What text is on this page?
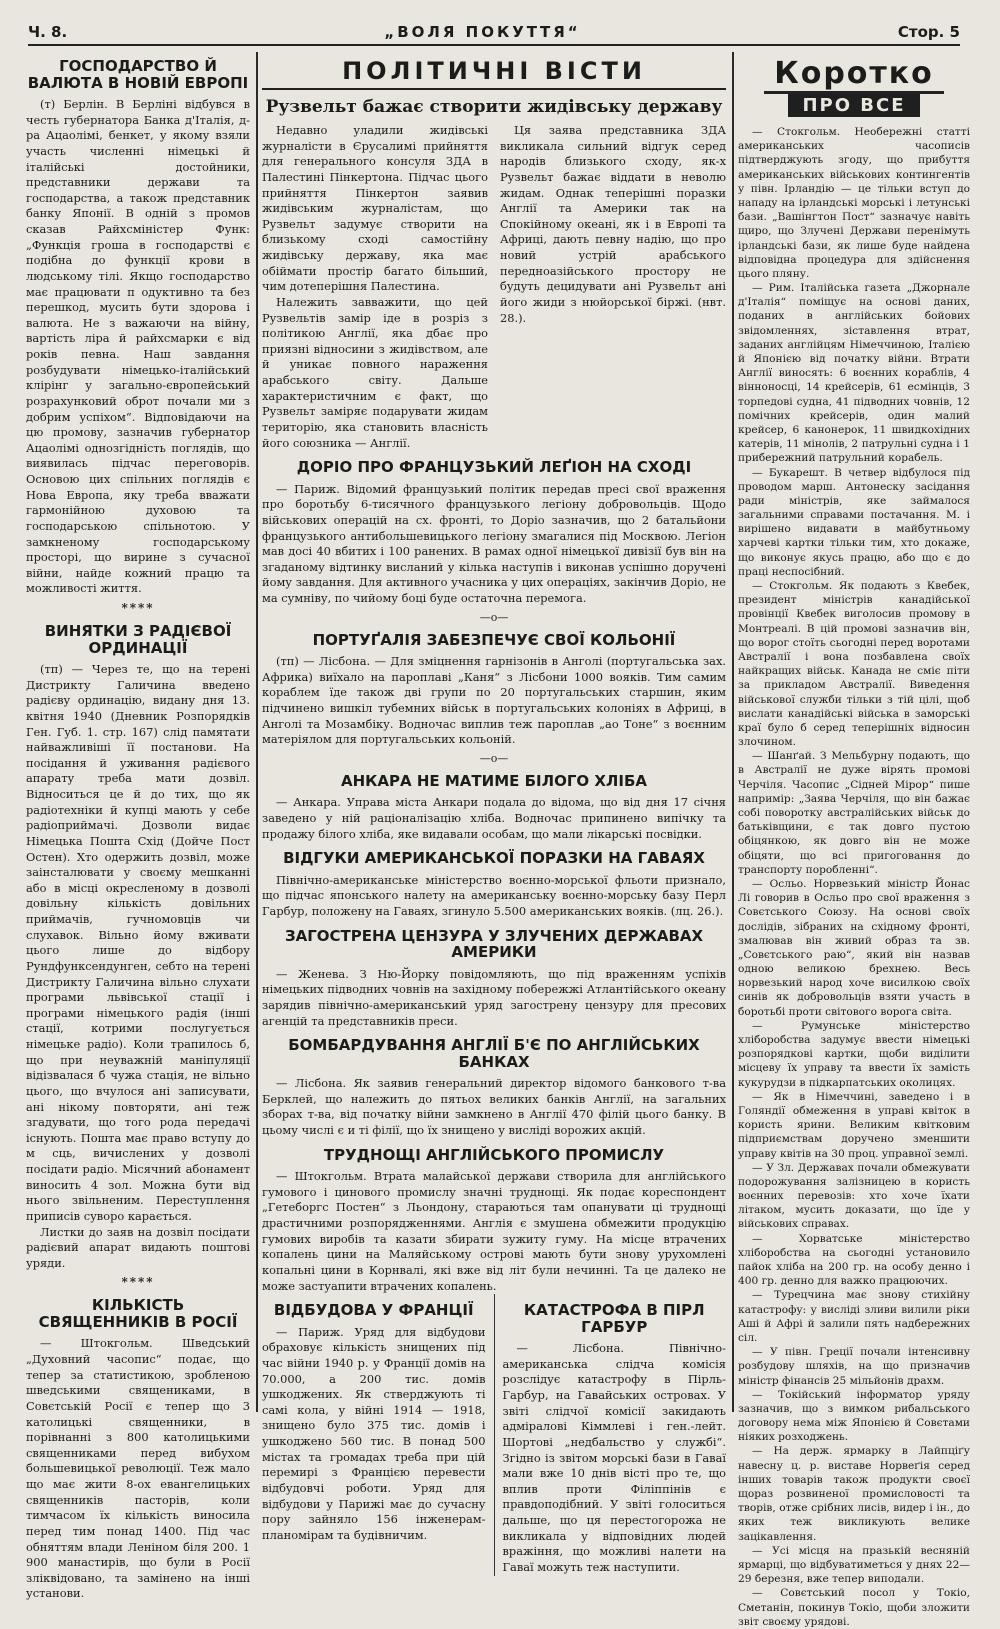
Ч. 8.	„ВОЛЯ ПОКУТТЯ“	Стор. 5
ГОСПОДАРСТВО Й ВАЛЮТА В НОВІЙ ЕВРОПІ

(т) Берлін. В Берліні відбувся в честь губернатора Банка д'Італія, д-ра Ацаолімі, бенкет, у якому взяли участь численні німецькі й італійські достойники, представники держави та господарства, а також представник банку Японії. В одній з промов сказав Райхсміністер Функ: „Функція гроша в господарстві є подібна до функції крови в людському тілі. Якщо господарство має працювати п одуктивно та без перешкод, мусить бути здорова і валюта. Не з важаючи на війну, вартість ліра й райхсмарки є від років певна. Наш завдання розбудувати німецько-італійський клірінг у загально-європейський розрахунковий оброт почали ми з добрим успіхом“. Відповідаючи на цю промову, зазначив губернатор Ацаолімі однозгідність поглядів, що виявилась підчас переговорів. Основою цих спільних поглядів є Нова Европа, яку треба вважати гармонійною духовою та господарською спільнотою. У замкненому господарському просторі, що вирине з сучасної війни, найде кожний працю та можливості життя.

****
ВИНЯТКИ З РАДІЄВОЇ ОРДИНАЦІЇ

(тп) — Через те, що на терені Дистрикту Галичина введено радієву ординацію, видану дня 13. квітня 1940 (Дневник Розпорядків Ген. Губ. 1. стр. 167) слід памятати найважливіші її постанови. На посідання й уживання радієвого апарату треба мати дозвіл. Відноситься це й до тих, що як радіотехніки й купці мають у себе радіоприймачі. Дозволи видає Німецька Пошта Схід (Дойче Пост Остен). Хто одержить дозвіл, може заінсталювати у своєму мешканні або в місці окресленому в дозволі довільну кількість довільних приймачів, гучномовців чи слухавок. Вільно йому вживати цього лише до відбору Рундфунксендунген, себто на терені Дистрикту Галичина вільно слухати програми львівської стації і програми німецького радія (інші стації, котрими послугується німецьке радіо). Коли трапилось б, що при неуважній маніпуляції відізвалася б чужа стація, не вільно цього, що вчулося ані записувати, ані нікому повторяти, ані теж згадувати, що того рода передачі існують. Пошта має право вступу до м сць, вичислених у дозволі посідати радіо. Місячний абонамент виносить 4 зол. Можна бути від нього звільненим. Переступлення приписів суворо карається.

Листки до заяв на дозвіл посідати радієвий апарат видають поштові уряди.

****
КІЛЬКІСТЬ СВЯЩЕННИКІВ В РОСІЇ

— Штокгольм. Шведський „Духовний часопис“ подає, що тепер за статистикою, зробленою шведськими священиками, в Совєтській Росії є тепер що 3 католицькі священники, в порівнанні з 800 католицькими священниками перед вибухом большевицької революції. Теж мало що має жити 8-ох евангелицьких священників пасторів, коли тимчасом їх кількість виносила перед тим понад 1400. Під час обняттям влади Леніном біля 200. 1 900 манастирів, що були в Росії зліквідовано, та замінено на інші установи.

ПОЛІТИЧНІ ВІСТИ
Рузвельт бажає створити жидівську державу

Недавно уладили жидівські журналісти в Єрусалимі прийняття для генерального консуля ЗДА в Палестині Пінкертона. Підчас цього прийняття Пінкертон заявив жидівським журналістам, що Рузвельт задумує створити на близькому сході самостійну жидівську державу, яка має обіймати простір багато більший, чим дотеперішня Палестина.

Належить завважити, що цей Рузвельтів замір іде в розріз з політикою Англії, яка дбає про приязні відносини з жидівством, але й уникає повного нараження арабського світу. Дальше характеристичним є факт, що Рузвельт заміряє подарувати жидам територію, яка становить власність його союзника — Англії.

Ця заява представника ЗДА викликала сильний відгук серед народів близького сходу, як-х Рузвельт бажає віддати в неволю жидам. Однак теперішні поразки Англії та Америки так на Спокійному океані, як і в Европі та Африці, дають певну надію, що про новий устрій арабського передноазійського простору не будуть децидувати ані Рузвельт ані його жиди з нюйорської біржі. (нвт. 28.).

ДОРІО ПРО ФРАНЦУЗЬКИЙ ЛЕҐІОН НА СХОДІ

— Париж. Відомий французький політик передав пресі свої враження про боротьбу 6-тисячного французького легіону добровольців. Щодо військових операцій на сх. фронті, то Доріо зазначив, що 2 батальйони французького антибольшевицького легіону змагалися під Москвою. Легіон мав досі 40 вбитих і 100 ранених. В рамах одної німецької дивізії був він на згаданому відтинку висланий у кілька наступів і виконав успішно доручені йому завдання. Для активного учасника у цих операціях, закінчив Доріо, не ма сумніву, по чийому боці буде остаточна перемога.

—о—
ПОРТУҐАЛІЯ ЗАБЕЗПЕЧУЄ СВОЇ КОЛЬОНІЇ

(тп) — Лісбона. — Для зміцнення гарнізонів в Анголі (португальська зах. Африка) виїхало на пароплаві „Каня“ з Лісбони 1000 вояків. Тим самим кораблем їде також дві групи по 20 португальських старшин, яким підчинено вишкіл тубемних військ в португальських колоніях в Африці, в Анголі та Мозамбіку. Водночас виплив теж пароплав „ао Тоне“ з воєнним матеріялом для португальських кольоній.

—о—
АНКАРА НЕ МАТИМЕ БІЛОГО ХЛІБА

— Анкара. Управа міста Анкари подала до відома, що від дня 17 січня заведено у ній раціоналізацію хліба. Водночас припинено випічку та продажу білого хліба, яке видавали особам, що мали лікарські посвідки.

ВІДГУКИ АМЕРИКАНСЬКОЇ ПОРАЗКИ НА ГАВАЯХ

Північно-американське міністерство воєнно-морської фльоти признало, що підчас японського налету на американську воєнно-морську базу Перл Гарбур, положену на Гаваях, згинуло 5.500 американських вояків. (лц. 26.).

ЗАГОСТРЕНА ЦЕНЗУРА У ЗЛУЧЕНИХ ДЕРЖАВАХ АМЕРИКИ

— Женева. З Ню-Йорку повідомляють, що під враженням успіхів німецьких підводних човнів на західному побережжі Атлантійського океану зарядив північно-американський уряд загострену цензуру для пресових агенцій та представників преси.

БОМБАРДУВАННЯ АНГЛІЇ Б'Є ПО АНГЛІЙСЬКИХ БАНКАХ

— Лісбона. Як заявив генеральний директор відомого банкового т-ва Берклей, що належить до пятьох великих банків Англії, на загальних зборах т-ва, від початку війни замкнено в Англії 470 філій цього банку. В цьому числі є и ті філії, що їх знищено у висліді ворожих акцій.

ТРУДНОЩІ АНГЛІЙСЬКОГО ПРОМИСЛУ

— Штокгольм. Втрата малайської держави створила для англійського гумового і цинового промислу значні труднощі. Як подає кореспондент „Гетеборгс Постен“ з Льондону, стараються там опанувати ці труднощі драстичними розпорядженнями. Англія є змушена обмежити продукцію гумових виробів та казати збирати зужиту гуму. На місце втрачених копалень цини на Маляйському острові мають бути знову урухомлені копальні цини в Корнвалі, які вже від літ були нечинні. Та це далеко не може застуапити втрачених копалень.

ВІДБУДОВА У ФРАНЦІЇ

— Париж. Уряд для відбудови обраховує кількість знищених під час війни 1940 р. у Франції домів на 70.000, а 200 тис. домів ушкоджених. Як стверджують ті самі кола, у війні 1914 — 1918, знищено було 375 тис. домів і ушкоджено 560 тис. В понад 500 містах та громадах треба при цій перемирі з Францією перевести відбудовчі роботи. Уряд для відбудови у Парижі має до сучасну пору зайняло 156 інженерам-планомірам та будівничим.

КАТАСТРОФА В ПІРЛ ГАРБУР

— Лісбона. Північно-американська слідча комісія розслідує катастрофу в Пірль-Гарбур, на Гавайських островах. У звіті слідчої комісії закидають адміралові Кіммлеві і ген.-лейт. Шортові „недбальство у службі“. Згідно із звітом морські бази в Гаваї мали вже 10 днів вісті про те, що вплив проти Філіппінів є правдоподібний. У звіті голоситься дальше, що ця перестогорожа не викликала у відповідних людей вражіння, що можливі налети на Гаваї можуть теж наступити.

Коротко
ПРО ВСЕ

— Стокгольм. Необережні статті американських часописів підтверджують згоду, що прибуття американських військових контингентів у півн. Ірландію — це тільки вступ до нападу на ірландські морські і летунські бази. „Вашінгтон Пост“ зазначує навіть щиро, що Злучені Держави перенімуть ірландські бази, як лише буде найдена відповідна процедура для здійснення цього пляну.

— Рим. Італійська газета „Джорнале д'Італія“ поміщує на основі даних, поданих в англійських бойових звідомленнях, зіставлення втрат, заданих англійцям Німеччиною, Італією й Японією від початку війни. Втрати Англії виносять: 6 воєнних кораблів, 4 вінноносці, 14 крейсерів, 61 есмінців, 3 торпедові судна, 41 підводних човнів, 12 помічних крейсерів, один малий крейсер, 6 канонерок, 11 швидкохідних катерів, 11 мінолів, 2 патрульні судна і 1 прибережний патрульний корабель.

— Букарешт. В четвер відбулося під проводом марш. Антонеску засідання ради міністрів, яке займалося загальними справами постачання. М. і вирішено видавати в майбутньому харчеві картки тільки тим, хто докаже, що виконує якусь працю, або що є до праці неспосібний.

— Стокгольм. Як подають з Квебек, президент міністрів канадійської провінції Квебек виголосив промову в Монтреалі. В цій промові зазначив він, що ворог стоїть сьогодні перед воротами Австралії і вона позбавлена своїх найкращих військ. Канада не сміє піти за прикладом Австралії. Виведення військової служби тільки з тій цілі, щоб вислати канадійські війська в заморські краї було б серед теперішніх відносин злочином.

— Шанґай. З Мельбурну подають, що в Австралії не дуже вірять промові Черчіля. Часопис „Сідней Мірор“ пише напримір: „Заява Черчіля, що він бажає собі поворотку австралійських військ до батьківщини, є так довго пустою обіцянкою, як довго він не може обіцяти, що всі пригоговання до транспорту поробленні“.

— Осльо. Норвезький міністр Йонас Лі говорив в Осльо про свої враження з Совєтського Союзу. На основі своїх дослідів, зібраних на східному фронті, змалював він живий образ та зв. „Совєтського раю“, який він назвав одною великою брехнею. Весь норвезький народ хоче висилкою своїх синів як добровольців взяти участь в боротьбі проти світового ворога світа.

— Румунське міністерство хліборобства задумує ввести німецькі розпорядкові картки, щоби виділити місцеву їх управу та ввести їх замість кукурудзи в підкарпатських околицях.

— Як в Німеччині, заведено і в Голяндії обмеження в управі квіток в користь ярини. Великим квітковим підприємствам доручено зменшити управу квітів на 30 проц. управної землі.

— У Зл. Державах почали обмежувати подорожування залізницею в користь воєнних перевозів: хто хоче їхати літаком, мусить доказати, що їде у військових справах.

— Хорватське міністерство хліборобства на сьогодні установило пайок хліба на 200 гр. на особу денно і 400 гр. денно для важко працюючих.

— Турецчина має знову стихійну катастрофу: у висліді зливи вилили ріки Аші й Афрі й залили пять надбережних сіл.

— У півн. Греції почали інтенсивну розбудову шляхів, на що призначив міністр фінансів 25 мільйонів драхм.

— Токійський інформатор уряду зазначив, що з вимком рибальського договору нема між Японією й Совєтами ніяких розходжень.

— На держ. ярмарку в Лайпціґу навесну ц. р. виставе Норвеґія серед інших товарів також продукти своєї щораз розвиненої промисловості та творів, отже срібних лисів, видер і ін., до яких теж викликують велике зацікавлення.

— Усі місця на празькій весняній ярмарці, що відбуватиметься у днях 22—29 березня, вже тепер виподали.

— Совєтський посол у Токіо, Сметанін, покинув Токіо, щоби зложити звіт своєму урядові.
